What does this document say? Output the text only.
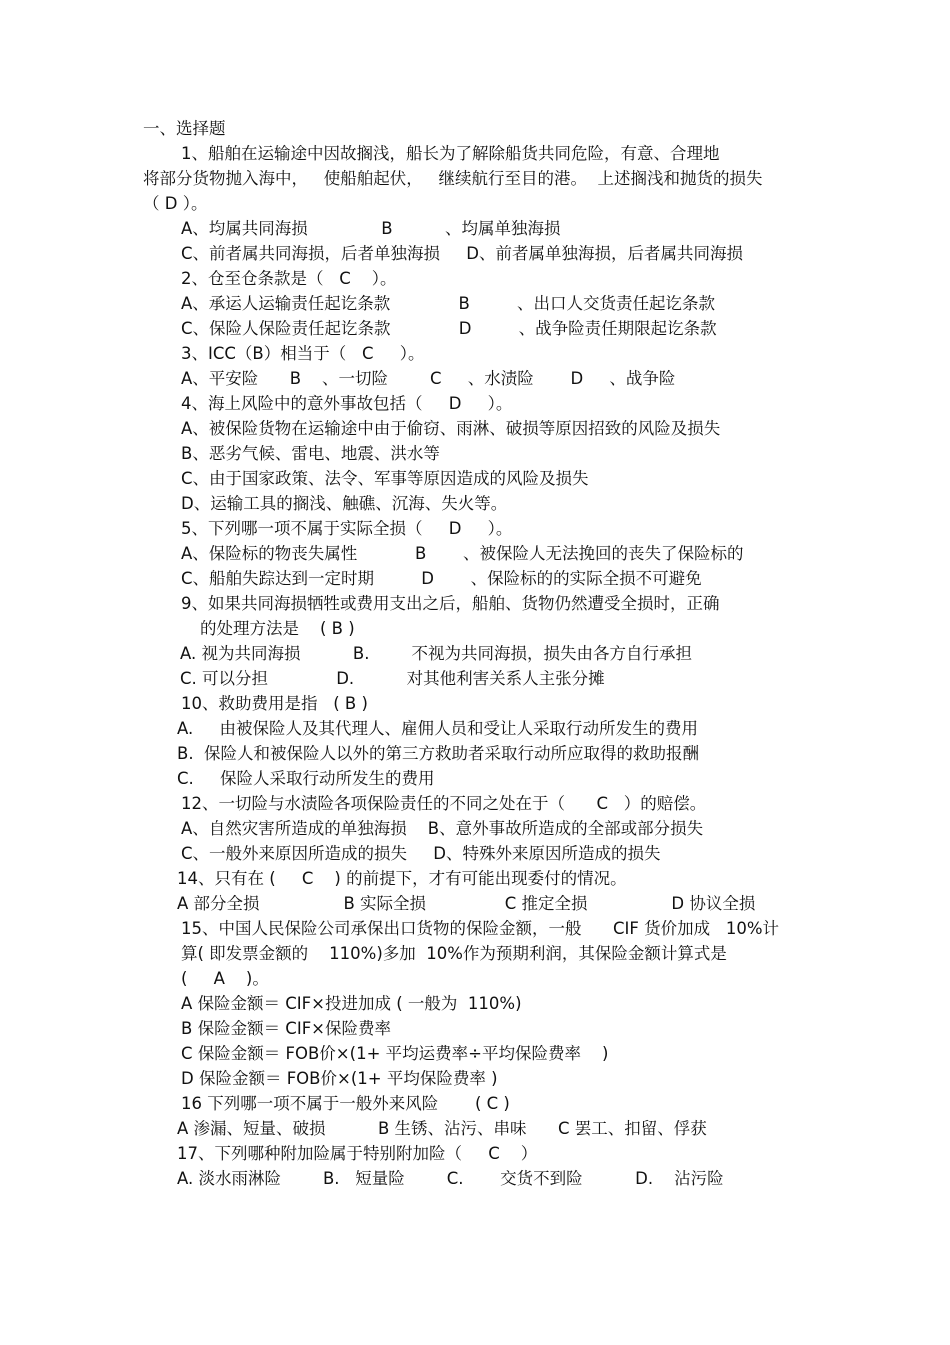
一、选择题
1、船舶在运输途中因故搁浅，船长为了解除船货共同危险，有意、合理地
将部分货物抛入海中，   使船舶起伏，   继续航行至目的港。  上述搁浅和抛货的损失
（ D ）。
A、均属共同海损              B          、均属单独海损
C、前者属共同海损，后者单独海损     D、前者属单独海损，后者属共同海损
2、仓至仓条款是（   C    ）。
A、承运人运输责任起讫条款             B         、出口人交货责任起讫条款
C、保险人保险责任起讫条款             D         、战争险责任期限起讫条款
3、ICC（B）相当于（   C     ）。
A、平安险      B    、一切险        C     、水渍险       D     、战争险
4、海上风险中的意外事故包括（     D     ）。
A、被保险货物在运输途中由于偷窃、雨淋、破损等原因招致的风险及损失
B、恶劣气候、雷电、地震、洪水等
C、由于国家政策、法令、军事等原因造成的风险及损失
D、运输工具的搁浅、触礁、沉海、失火等。
5、下列哪一项不属于实际全损（     D     ）。
A、保险标的物丧失属性           B       、被保险人无法挽回的丧失了保险标的
C、船舶失踪达到一定时期         D       、保险标的的实际全损不可避免
9、如果共同海损牺牲或费用支出之后，船舶、货物仍然遭受全损时，正确
的处理方法是    ( B )
A. 视为共同海损          B.        不视为共同海损，损失由各方自行承担
C. 可以分担             D.          对其他利害关系人主张分摊
10、救助费用是指   ( B )
A.     由被保险人及其代理人、雇佣人员和受让人采取行动所发生的费用
B.  保险人和被保险人以外的第三方救助者采取行动所应取得的救助报酬
C.     保险人采取行动所发生的费用
12、一切险与水渍险各项保险责任的不同之处在于（      C   ）的赔偿。
A、自然灾害所造成的单独海损    B、意外事故所造成的全部或部分损失
C、一般外来原因所造成的损失     D、特殊外来原因所造成的损失
14、只有在 (     C    ) 的前提下，才有可能出现委付的情况。
A 部分全损                B 实际全损               C 推定全损                D 协议全损
15、中国人民保险公司承保出口货物的保险金额，一般      CIF 货价加成   10%计
算( 即发票金额的    110%)多加  10%作为预期利润，其保险金额计算式是
(     A    )。
A 保险金额＝ CIF×投进加成 ( 一般为  110%)
B 保险金额＝ CIF×保险费率
C 保险金额＝ FOB价×(1+ 平均运费率÷平均保险费率    )
D 保险金额＝ FOB价×(1+ 平均保险费率 )
16 下列哪一项不属于一般外来风险       ( C )
A 渗漏、短量、破损          B 生锈、沾污、串味      C 罢工、扣留、俘获
17、下列哪种附加险属于特别附加险（     C    ）
A. 淡水雨淋险        B.   短量险        C.       交货不到险          D.    沾污险
